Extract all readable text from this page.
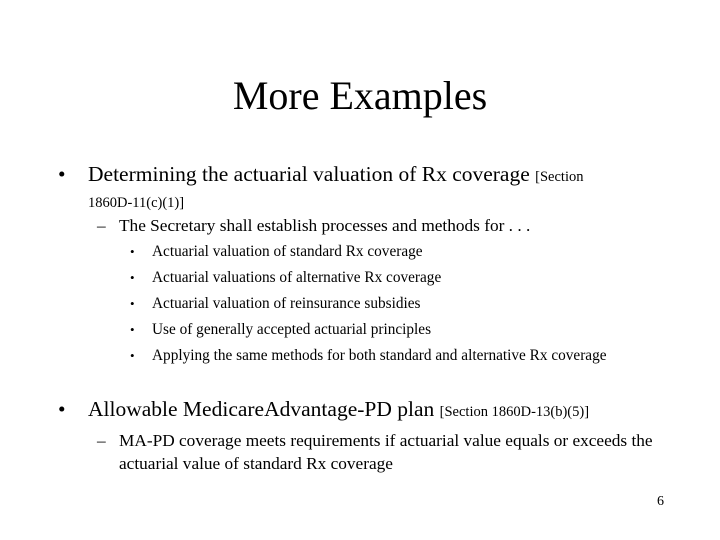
More Examples
• Determining the actuarial valuation of Rx coverage [Section
1860D-11(c)(1)]
– The Secretary shall establish processes and methods for . . .
•	Actuarial valuation of standard Rx coverage
•	Actuarial valuations of alternative Rx coverage
•	Actuarial valuation of reinsurance subsidies
•	Use of generally accepted actuarial principles
•	Applying the same methods for both standard and alternative Rx coverage
• Allowable MedicareAdvantage-PD plan [Section 1860D-13(b)(5)]
– MA-PD coverage meets requirements if actuarial value equals or exceeds the actuarial value of standard Rx coverage
6
